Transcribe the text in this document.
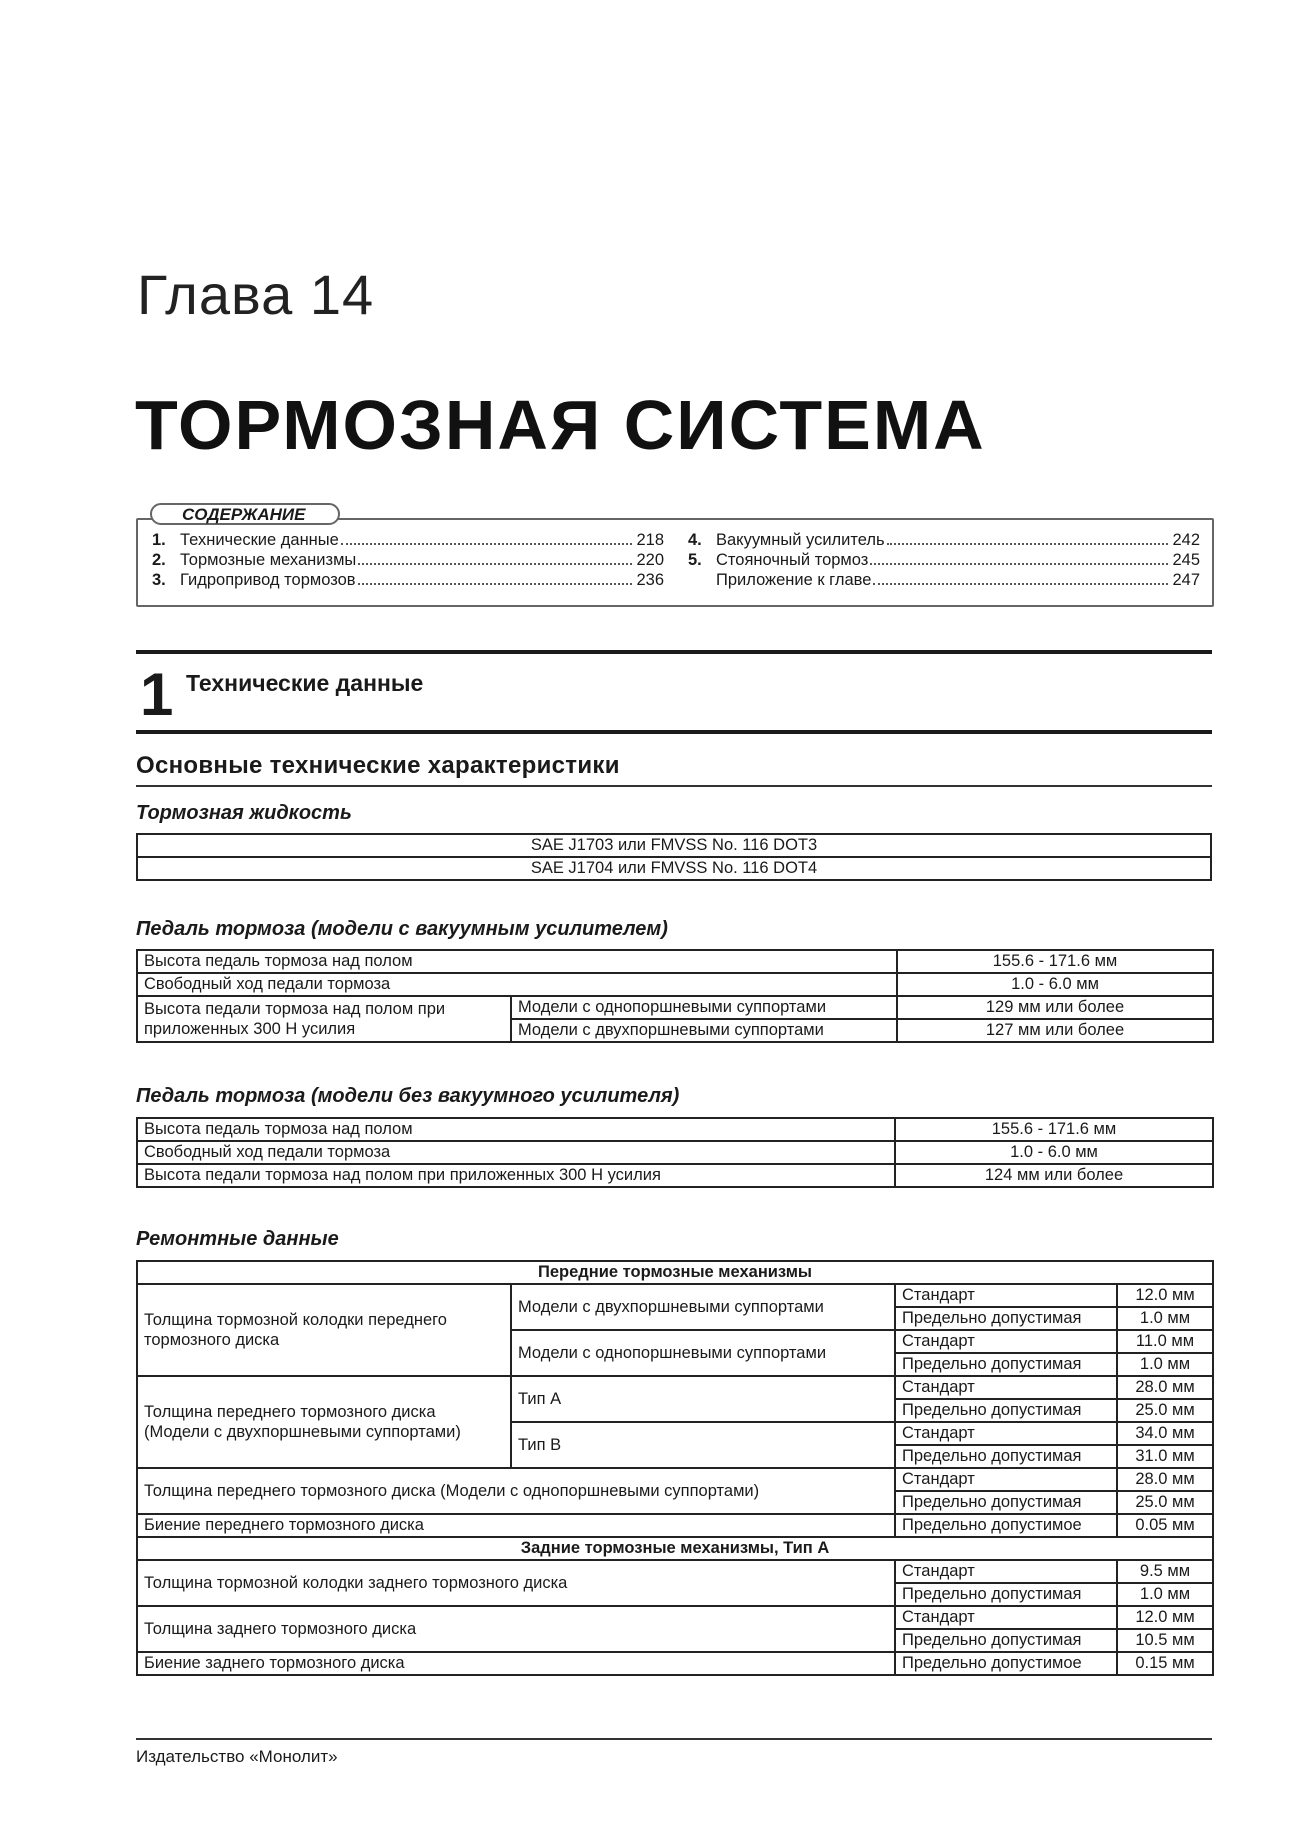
Глава 14
ТОРМОЗНАЯ СИСТЕМА
СОДЕРЖАНИЕ
1. Технические данные	218
2. Тормозные механизмы	220
3. Гидропривод тормозов	236
4. Вакуумный усилитель	242
5. Стояночный тормоз	245
Приложение к главе	247
1 Технические данные
Основные технические характеристики
Тормозная жидкость
SAE J1703 или FMVSS No. 116 DOT3
SAE J1704 или FMVSS No. 116 DOT4
Педаль тормоза (модели с вакуумным усилителем)
Высота педаль тормоза над полом		155.6 - 171.6 мм
Свободный ход педали тормоза		1.0 - 6.0 мм
Высота педали тормоза над полом при приложенных 300 Н усилия	Модели с однопоршневыми суппортами	129 мм или более
	Модели с двухпоршневыми суппортами	127 мм или более
Педаль тормоза (модели без вакуумного усилителя)
Высота педаль тормоза над полом	155.6 - 171.6 мм
Свободный ход педали тормоза	1.0 - 6.0 мм
Высота педали тормоза над полом при приложенных 300 Н усилия	124 мм или более
Ремонтные данные
Передние тормозные механизмы			
Толщина тормозной колодки переднего тормозного диска	Модели с двухпоршневыми суппортами	Стандарт	12.0 мм
		Предельно допустимая	1.0 мм
	Модели с однопоршневыми суппортами	Стандарт	11.0 мм
		Предельно допустимая	1.0 мм
Толщина переднего тормозного диска (Модели с двухпоршневыми суппортами)	Тип А	Стандарт	28.0 мм
		Предельно допустимая	25.0 мм
	Тип В	Стандарт	34.0 мм
		Предельно допустимая	31.0 мм
Толщина переднего тормозного диска (Модели с однопоршневыми суппортами)		Стандарт	28.0 мм
		Предельно допустимая	25.0 мм
Биение переднего тормозного диска		Предельно допустимое	0.05 мм
Задние тормозные механизмы, Тип А			
Толщина тормозной колодки заднего тормозного диска		Стандарт	9.5 мм
		Предельно допустимая	1.0 мм
Толщина заднего тормозного диска		Стандарт	12.0 мм
		Предельно допустимая	10.5 мм
Биение заднего тормозного диска		Предельно допустимое	0.15 мм
Издательство «Монолит»
